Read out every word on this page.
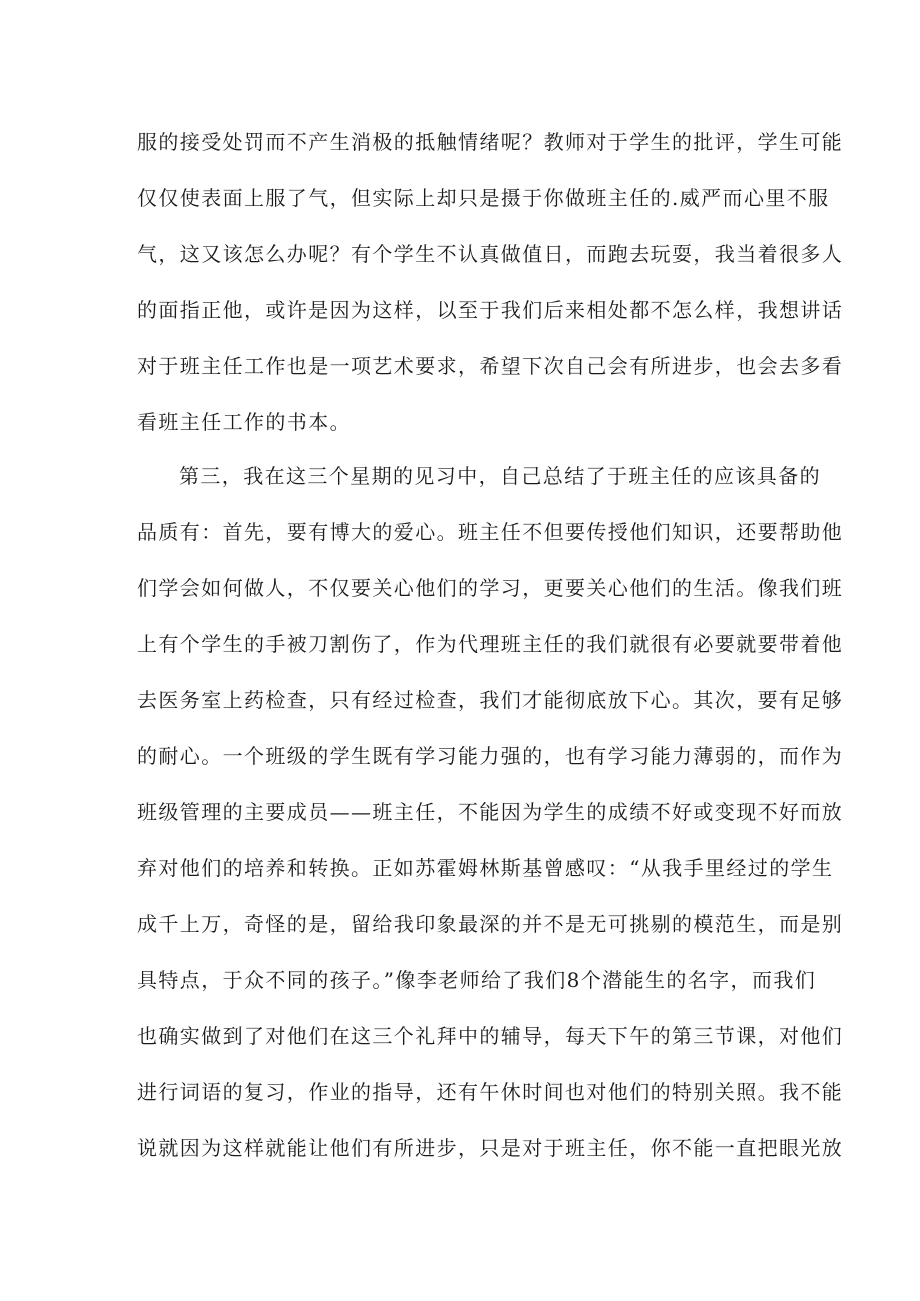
服的接受处罚而不产生消极的抵触情绪呢？教师对于学生的批评，学生可能
仅仅使表面上服了气，但实际上却只是摄于你做班主任的.威严而心里不服
气，这又该怎么办呢？有个学生不认真做值日，而跑去玩耍，我当着很多人
的面指正他，或许是因为这样，以至于我们后来相处都不怎么样，我想讲话
对于班主任工作也是一项艺术要求，希望下次自己会有所进步，也会去多看
看班主任工作的书本。
第三，我在这三个星期的见习中，自己总结了于班主任的应该具备的
品质有：首先，要有博大的爱心。班主任不但要传授他们知识，还要帮助他
们学会如何做人，不仅要关心他们的学习，更要关心他们的生活。像我们班
上有个学生的手被刀割伤了，作为代理班主任的我们就很有必要就要带着他
去医务室上药检查，只有经过检查，我们才能彻底放下心。其次，要有足够
的耐心。一个班级的学生既有学习能力强的，也有学习能力薄弱的，而作为
班级管理的主要成员——班主任，不能因为学生的成绩不好或变现不好而放
弃对他们的培养和转换。正如苏霍姆林斯基曾感叹：“从我手里经过的学生
成千上万，奇怪的是，留给我印象最深的并不是无可挑剔的模范生，而是别
具特点，于众不同的孩子。”像李老师给了我们8个潜能生的名字，而我们
也确实做到了对他们在这三个礼拜中的辅导，每天下午的第三节课，对他们
进行词语的复习，作业的指导，还有午休时间也对他们的特别关照。我不能
说就因为这样就能让他们有所进步，只是对于班主任，你不能一直把眼光放
